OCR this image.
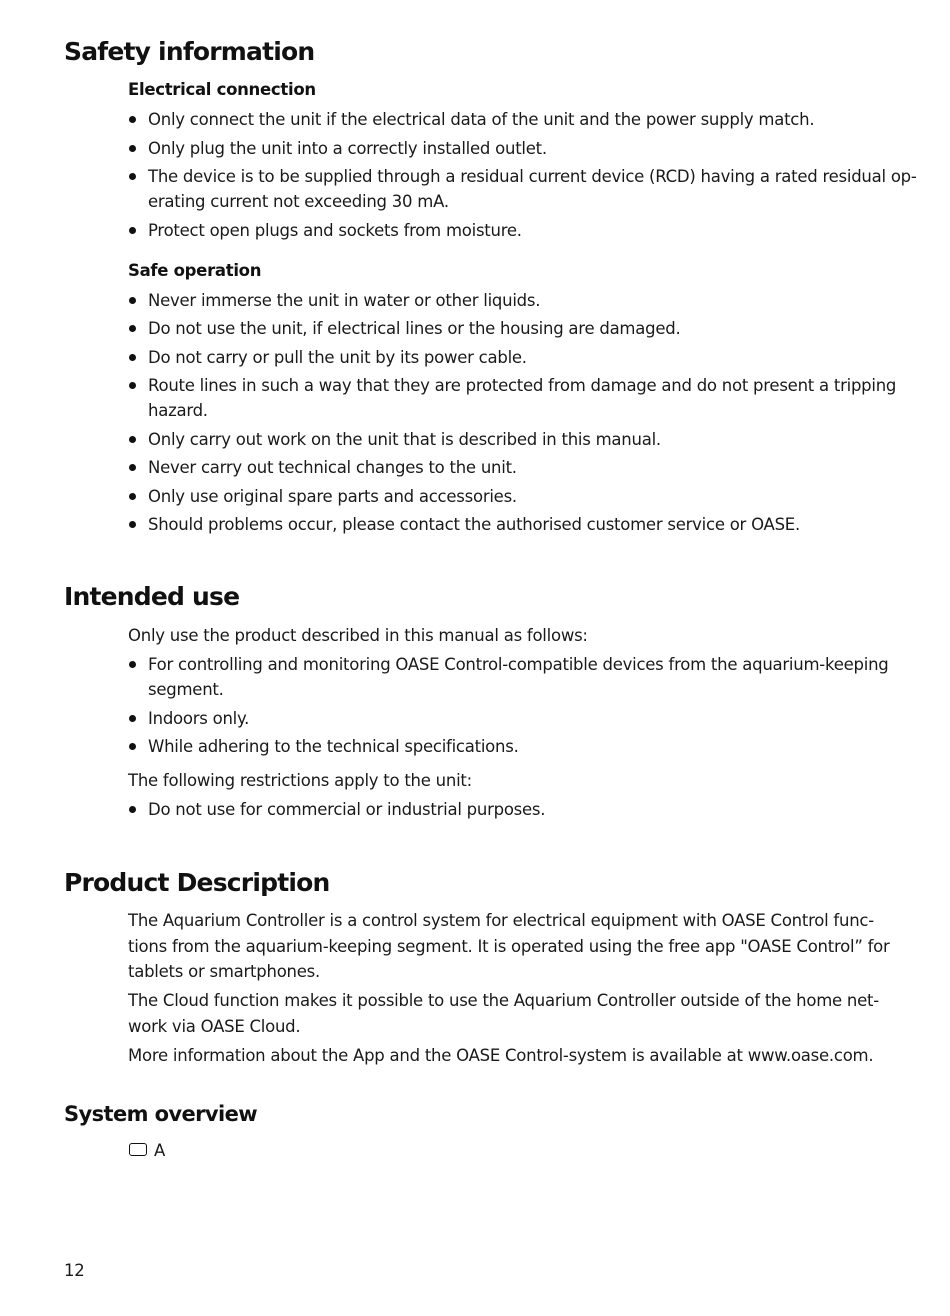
Safety information
Electrical connection
Only connect the unit if the electrical data of the unit and the power supply match.
Only plug the unit into a correctly installed outlet.
The device is to be supplied through a residual current device (RCD) having a rated residual op-
erating current not exceeding 30 mA.
Protect open plugs and sockets from moisture.
Safe operation
Never immerse the unit in water or other liquids.
Do not use the unit, if electrical lines or the housing are damaged.
Do not carry or pull the unit by its power cable.
Route lines in such a way that they are protected from damage and do not present a tripping
hazard.
Only carry out work on the unit that is described in this manual.
Never carry out technical changes to the unit.
Only use original spare parts and accessories.
Should problems occur, please contact the authorised customer service or OASE.
Intended use

Only use the product described in this manual as follows:

For controlling and monitoring OASE Control-compatible devices from the aquarium-keeping
segment.
Indoors only.
While adhering to the technical specifications.

The following restrictions apply to the unit:

Do not use for commercial or industrial purposes.
Product Description
The Aquarium Controller is a control system for electrical equipment with OASE Control func-
tions from the aquarium-keeping segment. It is operated using the free app "OASE Control” for
tablets or smartphones.
The Cloud function makes it possible to use the Aquarium Controller outside of the home net-
work via OASE Cloud.

More information about the App and the OASE Control-system is available at www.oase.com.

System overview
A
12
